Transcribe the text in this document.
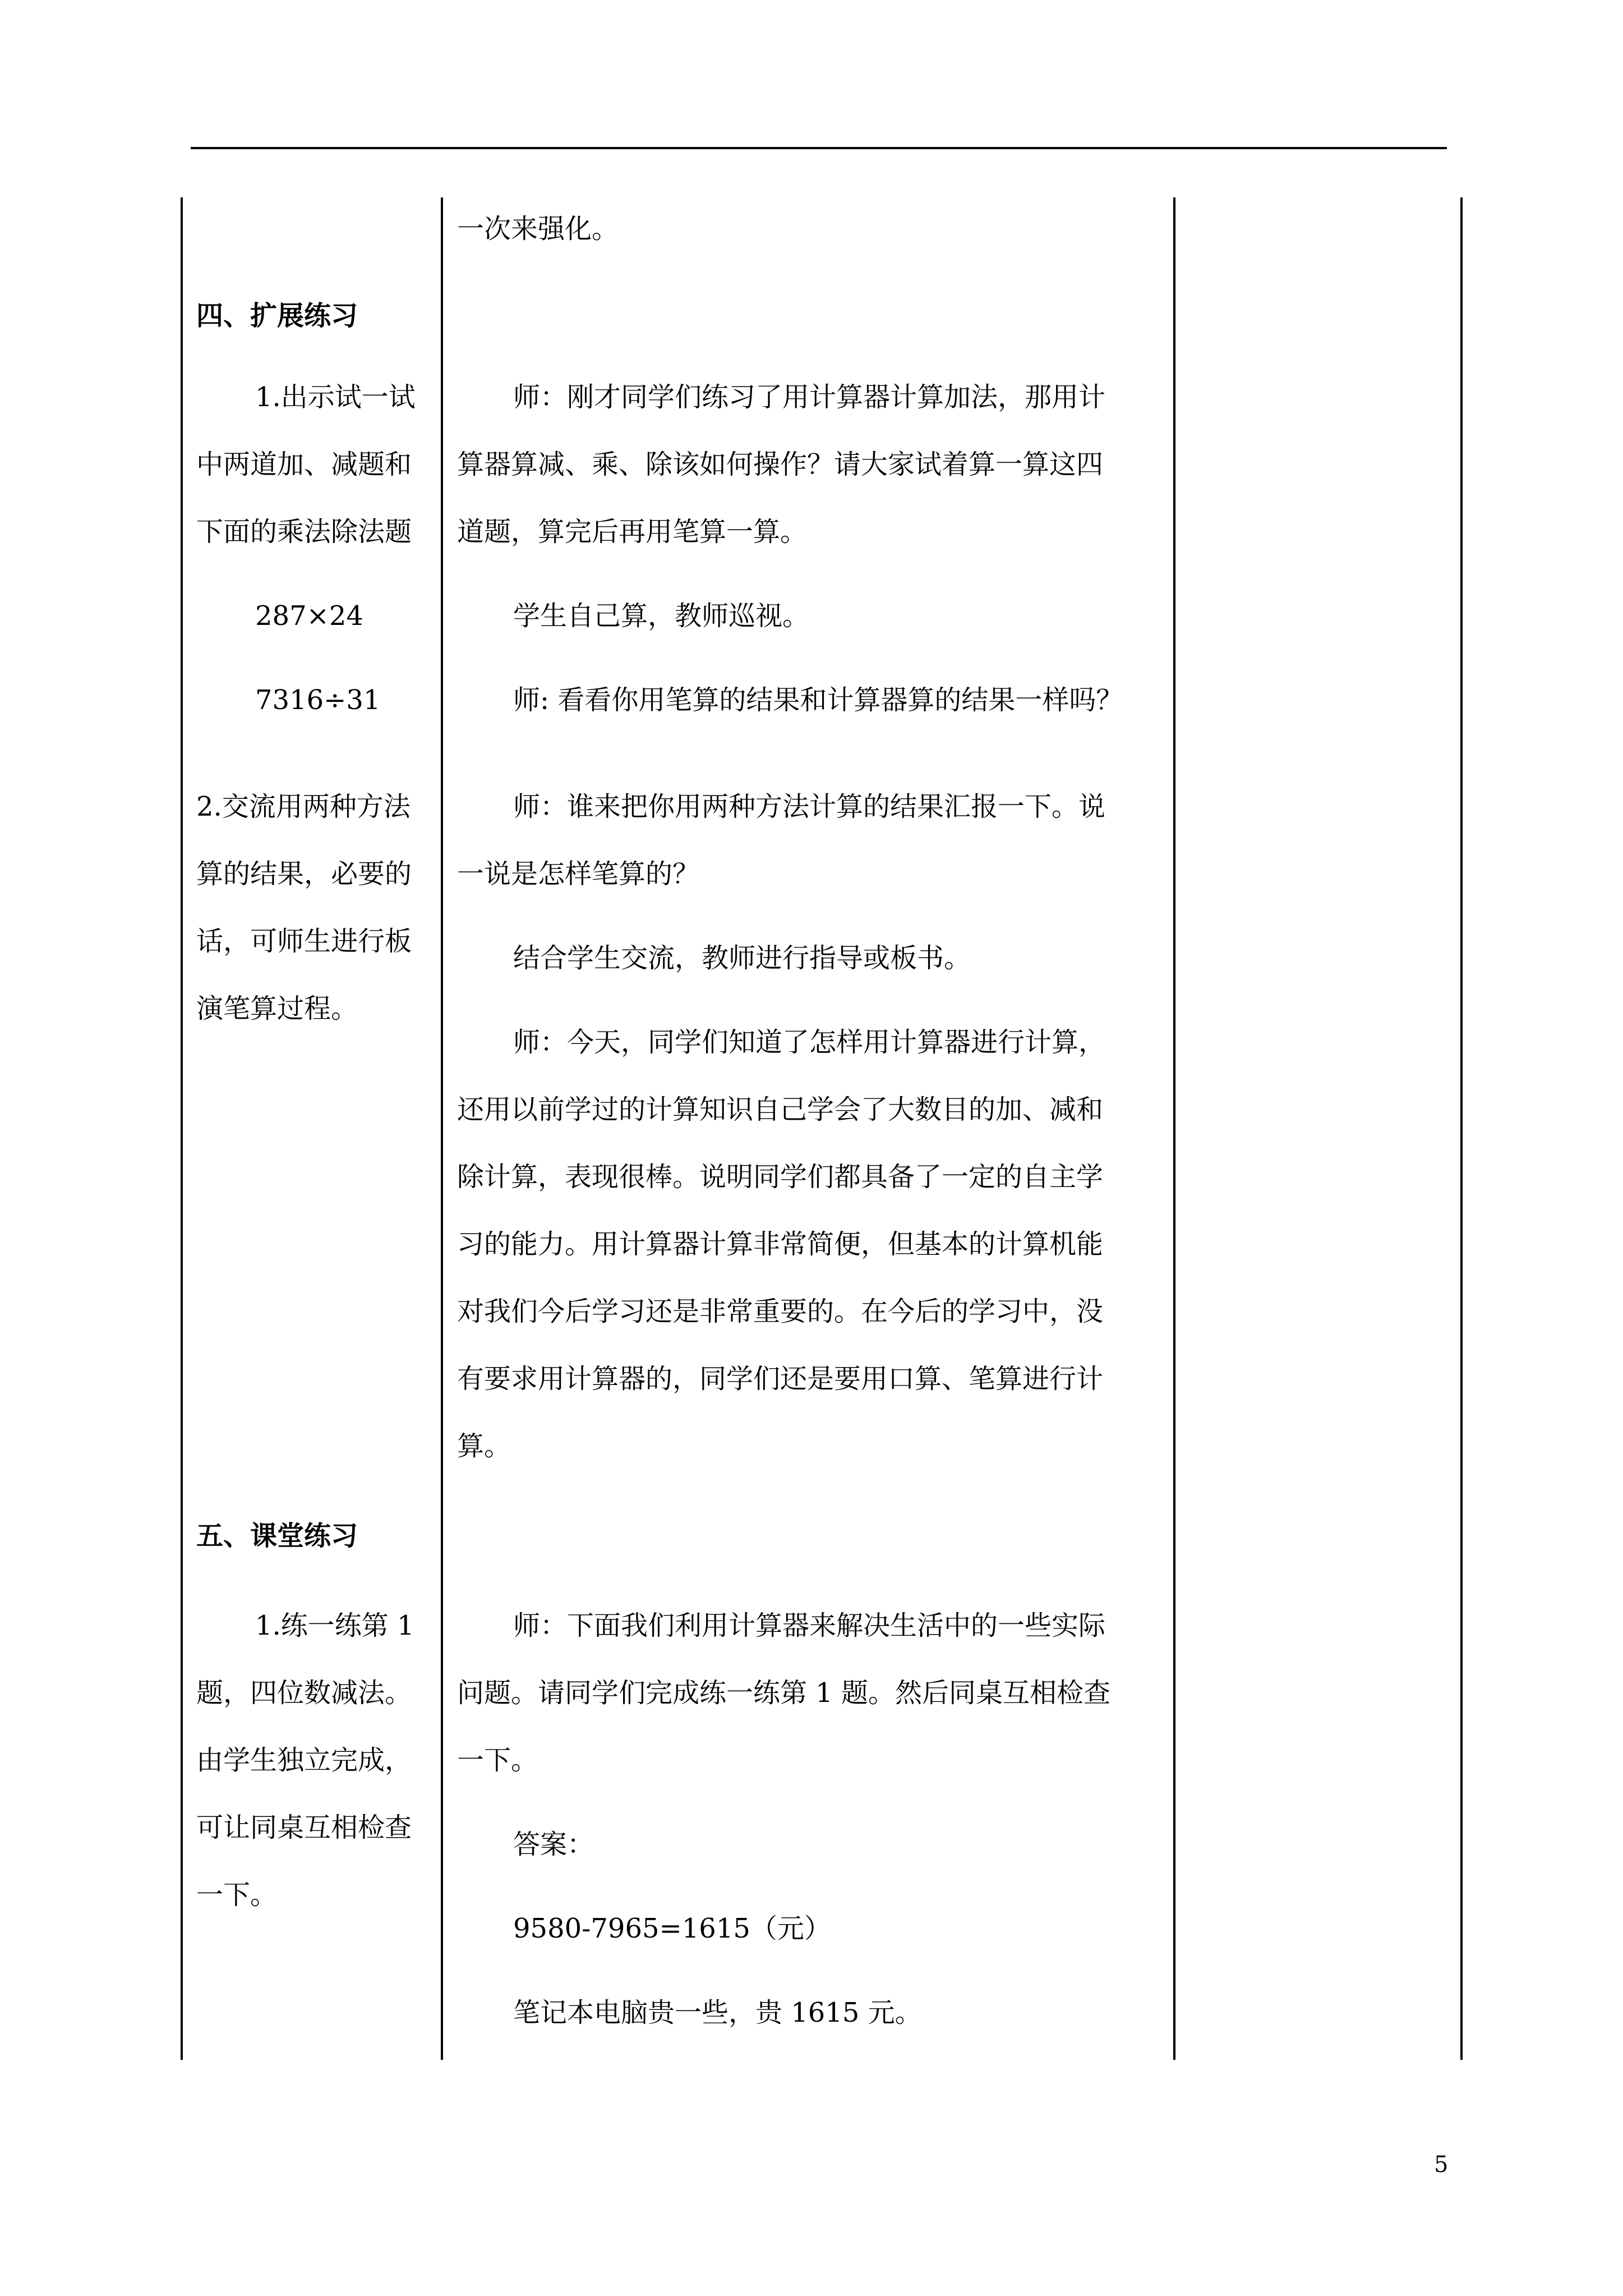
四、扩展练习
1.出示试一试
中两道加、减题和
下面的乘法除法题
287×24
7316÷31
2.交流用两种方法
算的结果，必要的
话，可师生进行板
演笔算过程。
五、课堂练习
1.练一练第 1
题，四位数减法。
由学生独立完成，
可让同桌互相检查
一下。
一次来强化。
师：刚才同学们练习了用计算器计算加法，那用计
算器算减、乘、除该如何操作？请大家试着算一算这四
道题，算完后再用笔算一算。
学生自己算，教师巡视。
师: 看看你用笔算的结果和计算器算的结果一样吗？
师：谁来把你用两种方法计算的结果汇报一下。说
一说是怎样笔算的？
结合学生交流，教师进行指导或板书。
师：今天，同学们知道了怎样用计算器进行计算，
还用以前学过的计算知识自己学会了大数目的加、减和
除计算，表现很棒。说明同学们都具备了一定的自主学
习的能力。用计算器计算非常简便，但基本的计算机能
对我们今后学习还是非常重要的。在今后的学习中，没
有要求用计算器的，同学们还是要用口算、笔算进行计
算。
师：下面我们利用计算器来解决生活中的一些实际
问题。请同学们完成练一练第 1 题。然后同桌互相检查
一下。
答案：
9580-7965=1615（元）
笔记本电脑贵一些，贵 1615 元。
5
